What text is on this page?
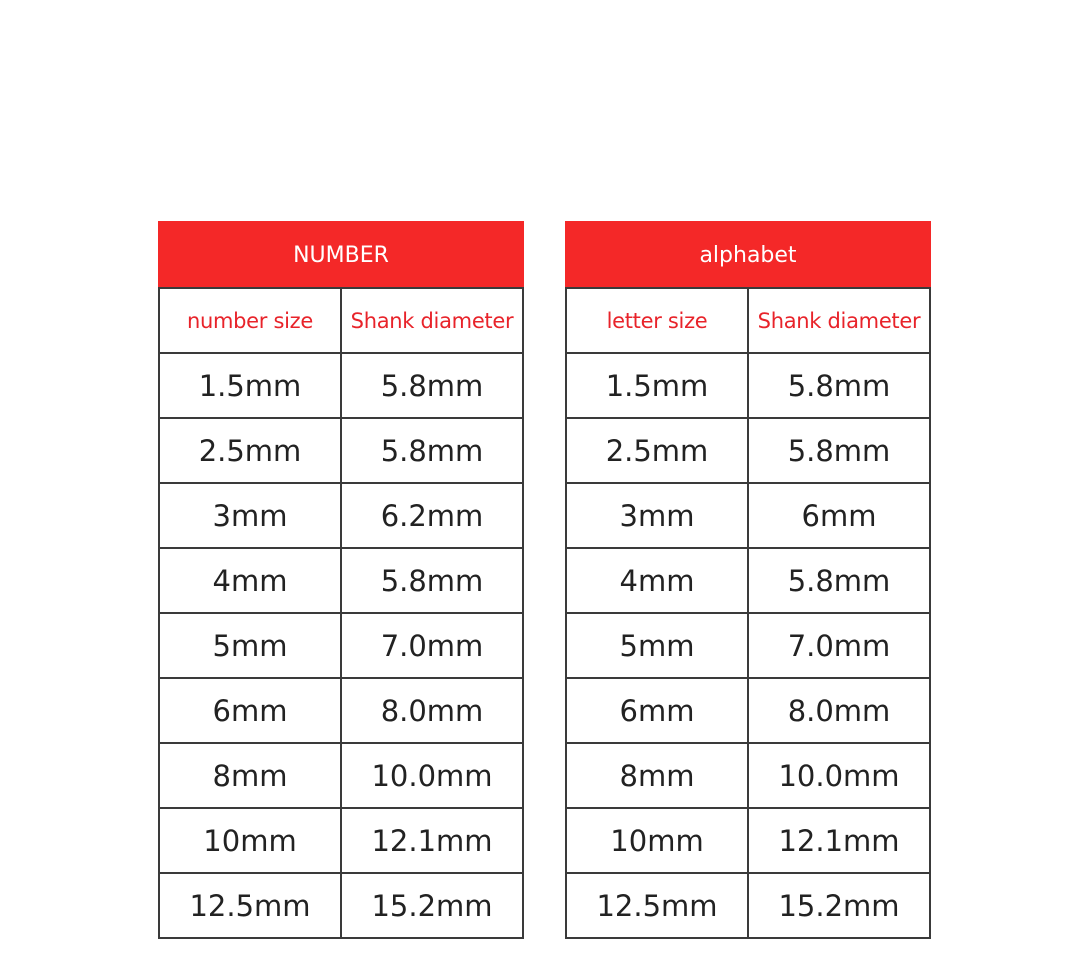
NUMBER	
number size	Shank diameter
1.5mm	5.8mm
2.5mm	5.8mm
3mm	6.2mm
4mm	5.8mm
5mm	7.0mm
6mm	8.0mm
8mm	10.0mm
10mm	12.1mm
12.5mm	15.2mm
alphabet	
letter size	Shank diameter
1.5mm	5.8mm
2.5mm	5.8mm
3mm	6mm
4mm	5.8mm
5mm	7.0mm
6mm	8.0mm
8mm	10.0mm
10mm	12.1mm
12.5mm	15.2mm
